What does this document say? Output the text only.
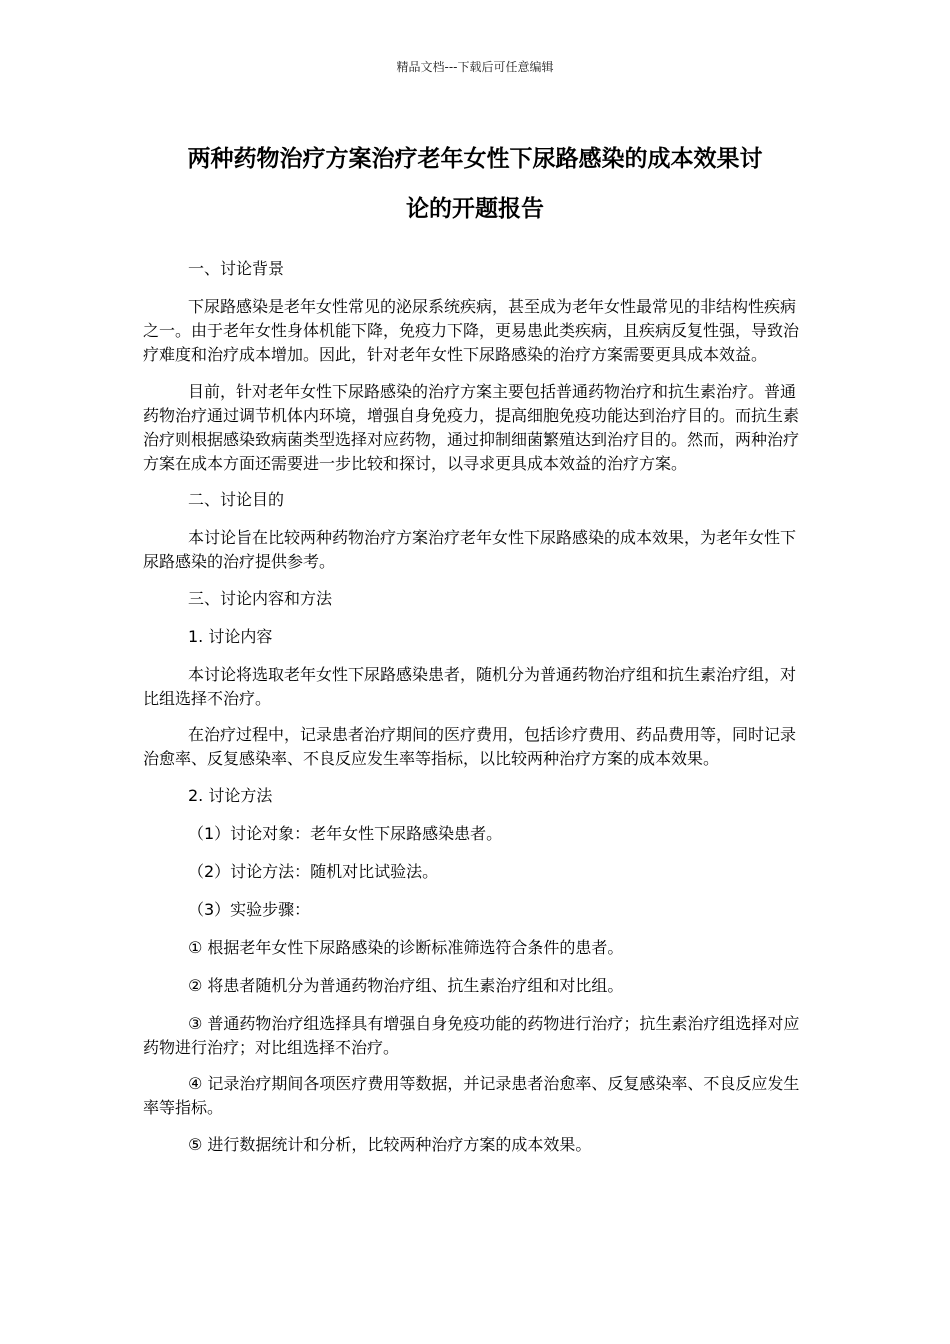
精品文档---下载后可任意编辑
两种药物治疗方案治疗老年女性下尿路感染的成本效果讨
论的开题报告

一、讨论背景

下尿路感染是老年女性常见的泌尿系统疾病，甚至成为老年女性最常见的非结构性疾病之一。由于老年女性身体机能下降，免疫力下降，更易患此类疾病，且疾病反复性强，导致治疗难度和治疗成本增加。因此，针对老年女性下尿路感染的治疗方案需要更具成本效益。

目前，针对老年女性下尿路感染的治疗方案主要包括普通药物治疗和抗生素治疗。普通药物治疗通过调节机体内环境，增强自身免疫力，提高细胞免疫功能达到治疗目的。而抗生素治疗则根据感染致病菌类型选择对应药物，通过抑制细菌繁殖达到治疗目的。然而，两种治疗方案在成本方面还需要进一步比较和探讨，以寻求更具成本效益的治疗方案。

二、讨论目的

本讨论旨在比较两种药物治疗方案治疗老年女性下尿路感染的成本效果，为老年女性下尿路感染的治疗提供参考。

三、讨论内容和方法

1. 讨论内容

本讨论将选取老年女性下尿路感染患者，随机分为普通药物治疗组和抗生素治疗组，对比组选择不治疗。

在治疗过程中，记录患者治疗期间的医疗费用，包括诊疗费用、药品费用等，同时记录治愈率、反复感染率、不良反应发生率等指标，以比较两种治疗方案的成本效果。

2. 讨论方法

（1）讨论对象：老年女性下尿路感染患者。

（2）讨论方法：随机对比试验法。

（3）实验步骤：

① 根据老年女性下尿路感染的诊断标准筛选符合条件的患者。

② 将患者随机分为普通药物治疗组、抗生素治疗组和对比组。

③ 普通药物治疗组选择具有增强自身免疫功能的药物进行治疗；抗生素治疗组选择对应药物进行治疗；对比组选择不治疗。

④ 记录治疗期间各项医疗费用等数据，并记录患者治愈率、反复感染率、不良反应发生率等指标。

⑤ 进行数据统计和分析，比较两种治疗方案的成本效果。
